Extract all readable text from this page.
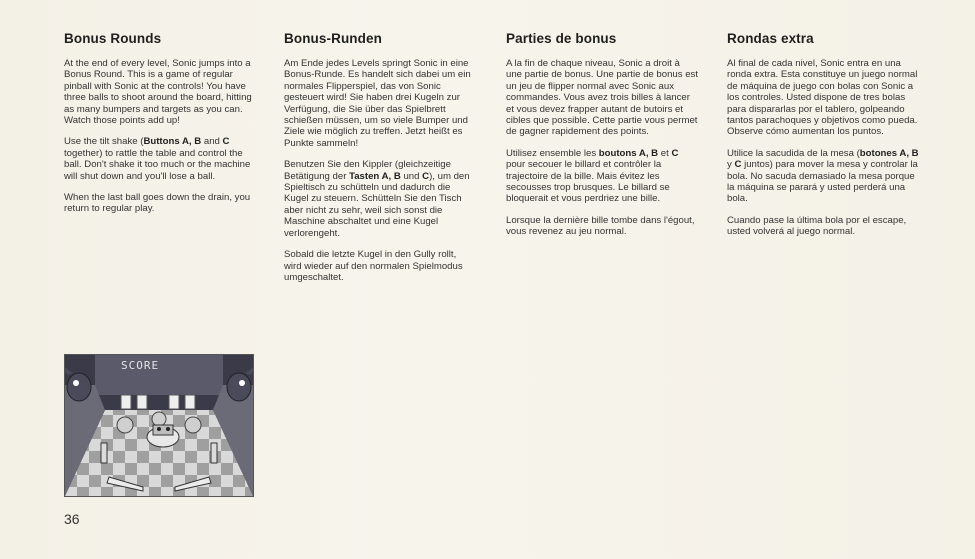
Bonus Rounds

At the end of every level, Sonic jumps into a Bonus Round. This is a game of regular pinball with Sonic at the controls! You have three balls to shoot around the board, hitting as many bumpers and targets as you can. Watch those points add up!

Use the tilt shake (Buttons A, B and C together) to rattle the table and control the ball. Don't shake it too much or the machine will shut down and you'll lose a ball.

When the last ball goes down the drain, you return to regular play.

Bonus-Runden

Am Ende jedes Levels springt Sonic in eine Bonus-Runde. Es handelt sich dabei um ein normales Flipperspiel, das von Sonic gesteuert wird! Sie haben drei Kugeln zur Verfügung, die Sie über das Spielbrett schießen müssen, um so viele Bumper und Ziele wie möglich zu treffen. Jetzt heißt es Punkte sammeln!

Benutzen Sie den Kippler (gleichzeitige Betätigung der Tasten A, B und C), um den Spieltisch zu schütteln und dadurch die Kugel zu steuern. Schütteln Sie den Tisch aber nicht zu sehr, weil sich sonst die Maschine abschaltet und eine Kugel verlorengeht.

Sobald die letzte Kugel in den Gully rollt, wird wieder auf den normalen Spielmodus umgeschaltet.

Parties de bonus

A la fin de chaque niveau, Sonic a droit à une partie de bonus. Une partie de bonus est un jeu de flipper normal avec Sonic aux commandes. Vous avez trois billes à lancer et vous devez frapper autant de butoirs et cibles que possible. Cette partie vous permet de gagner rapidement des points.

Utilisez ensemble les boutons A, B et C pour secouer le billard et contrôler la trajectoire de la bille. Mais évitez les secousses trop brusques. Le billard se bloquerait et vous perdriez une bille.

Lorsque la dernière bille tombe dans l'égout, vous revenez au jeu normal.

Rondas extra

Al final de cada nivel, Sonic entra en una ronda extra. Esta constituye un juego normal de máquina de juego con bolas con Sonic a los controles. Usted dispone de tres bolas para dispararlas por el tablero, golpeando tantos parachoques y objetivos como pueda. Observe cómo aumentan los puntos.

Utilice la sacudida de la mesa (botones A, B y C juntos) para mover la mesa y controlar la bola. No sacuda demasiado la mesa porque la máquina se parará y usted perderá una bola.

Cuando pase la última bola por el escape, usted volverá al juego normal.

SCORE
36
